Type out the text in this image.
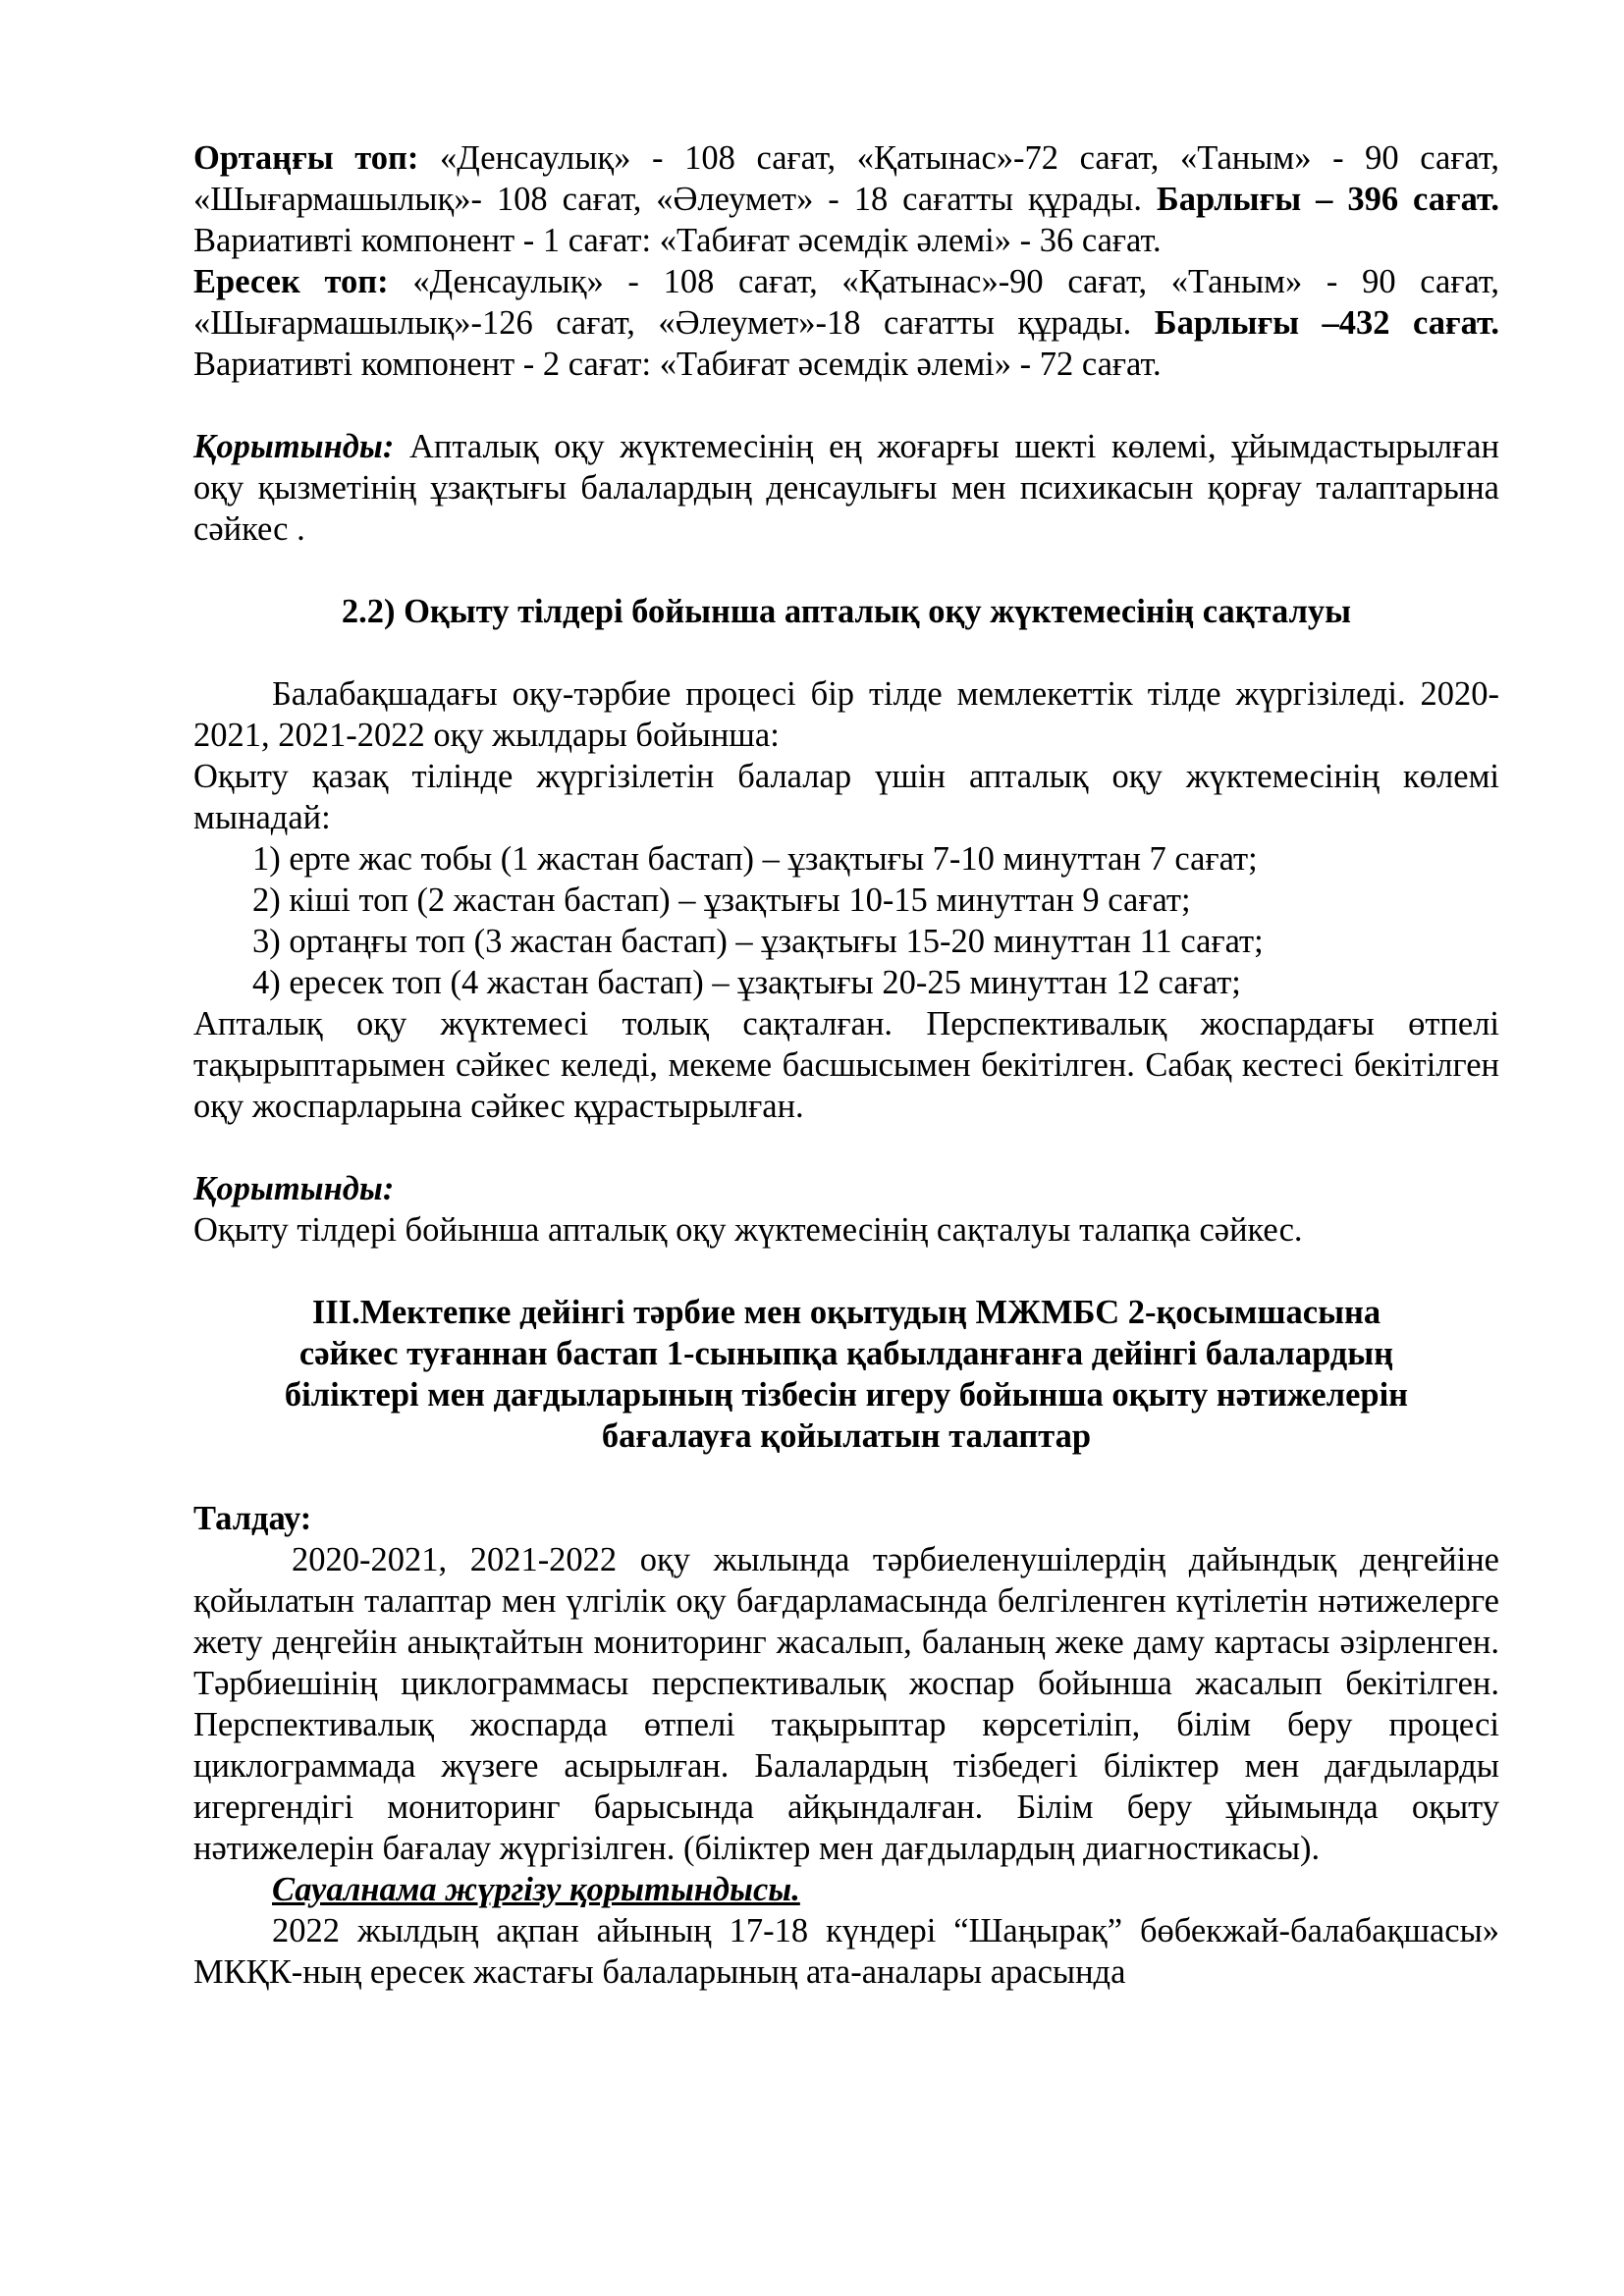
Ортаңғы топ: «Денсаулық» - 108 сағат, «Қатынас»-72 сағат, «Таным» - 90 сағат, «Шығармашылық»- 108 сағат, «Әлеумет» - 18 сағатты құрады. Барлығы – 396 сағат. Вариативті компонент - 1 сағат: «Табиғат әсемдік әлемі» - 36 сағат.

Ересек топ: «Денсаулық» - 108 сағат, «Қатынас»-90 сағат, «Таным» - 90 сағат, «Шығармашылық»-126 сағат, «Әлеумет»-18 сағатты құрады. Барлығы –432 сағат. Вариативті компонент - 2 сағат: «Табиғат әсемдік әлемі» - 72 сағат.

Қорытынды: Апталық оқу жүктемесінің ең жоғарғы шекті көлемі, ұйымдастырылған оқу қызметінің ұзақтығы балалардың денсаулығы мен психикасын қорғау талаптарына сәйкес .

2.2) Оқыту тілдері бойынша апталық оқу жүктемесінің сақталуы

Балабақшадағы оқу-тәрбие процесі бір тілде мемлекеттік тілде жүргізіледі. 2020-2021, 2021-2022 оқу жылдары бойынша:

Оқыту қазақ тілінде жүргізілетін балалар үшін апталық оқу жүктемесінің көлемі мынадай:

1) ерте жас тобы (1 жастан бастап) – ұзақтығы 7-10 минуттан 7 сағат;

2) кіші топ (2 жастан бастап) – ұзақтығы 10-15 минуттан 9 сағат;

3) ортаңғы топ (3 жастан бастап) – ұзақтығы 15-20 минуттан 11 сағат;

4) ересек топ (4 жастан бастап) – ұзақтығы 20-25 минуттан 12 сағат;

Апталық оқу жүктемесі толық сақталған. Перспективалық жоспардағы өтпелі тақырыптарымен сәйкес келеді, мекеме басшысымен бекітілген. Сабақ кестесі бекітілген оқу жоспарларына сәйкес құрастырылған.

Қорытынды:

Оқыту тілдері бойынша апталық оқу жүктемесінің сақталуы талапқа сәйкес.

ІІІ.Мектепке дейінгі тәрбие мен оқытудың МЖМБС 2-қосымшасына

сәйкес туғаннан бастап 1-сыныпқа қабылданғанға дейінгі балалардың

біліктері мен дағдыларының тізбесін игеру бойынша оқыту нәтижелерін

бағалауға қойылатын талаптар

Талдау:

2020-2021, 2021-2022 оқу жылында тәрбиеленушілердің дайындық деңгейіне қойылатын талаптар мен үлгілік оқу бағдарламасында белгіленген күтілетін нәтижелерге жету деңгейін анықтайтын мониторинг жасалып, баланың жеке даму картасы әзірленген. Тәрбиешінің циклограммасы перспективалық жоспар бойынша жасалып бекітілген. Перспективалық жоспарда өтпелі тақырыптар көрсетіліп, білім беру процесі циклограммада жүзеге асырылған. Балалардың тізбедегі біліктер мен дағдыларды игергендігі мониторинг барысында айқындалған. Білім беру ұйымында оқыту нәтижелерін бағалау жүргізілген. (біліктер мен дағдылардың диагностикасы).

Сауалнама жүргізу қорытындысы.

2022 жылдың ақпан айының 17-18 күндері “Шаңырақ” бөбекжай-балабақшасы» МКҚК-ның ересек жастағы балаларының ата-аналары арасында
